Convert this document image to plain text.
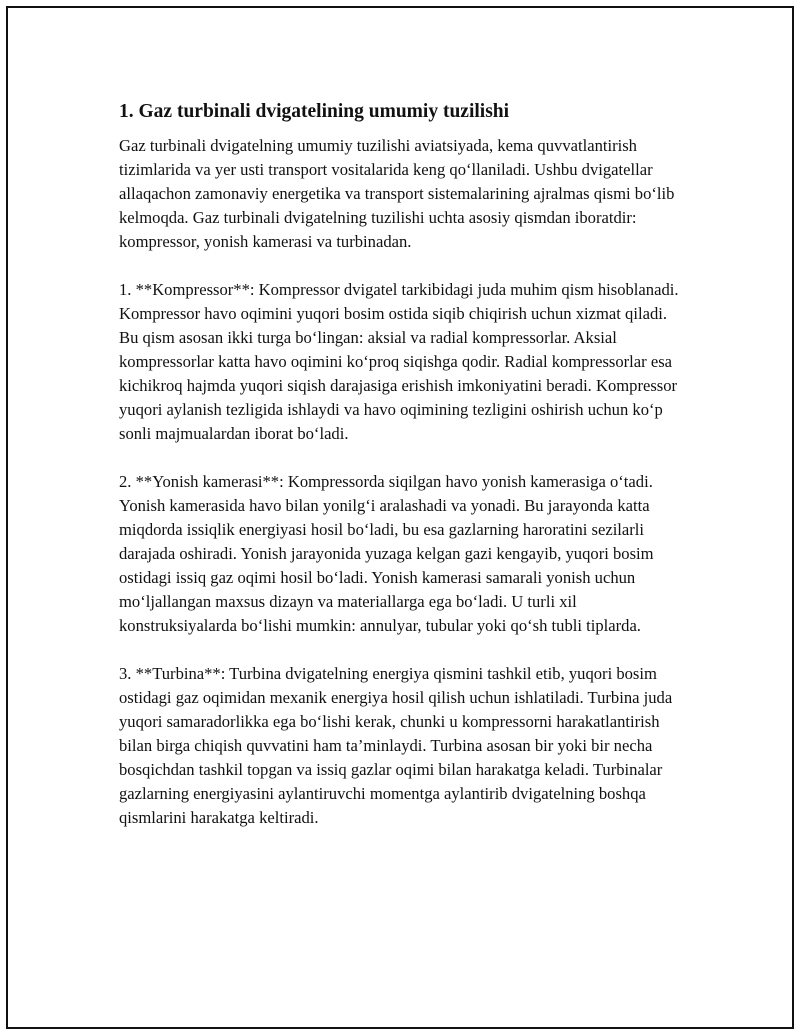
1. Gaz turbinali dvigatelining umumiy tuzilishi

Gaz turbinali dvigatelning umumiy tuzilishi aviatsiyada, kema quvvatlantirish tizimlarida va yer usti transport vositalarida keng qo‘llaniladi. Ushbu dvigatellar allaqachon zamonaviy energetika va transport sistemalarining ajralmas qismi bo‘lib kelmoqda. Gaz turbinali dvigatelning tuzilishi uchta asosiy qismdan iboratdir: kompressor, yonish kamerasi va turbinadan.

1. **Kompressor**: Kompressor dvigatel tarkibidagi juda muhim qism hisoblanadi. Kompressor havo oqimini yuqori bosim ostida siqib chiqirish uchun xizmat qiladi. Bu qism asosan ikki turga bo‘lingan: aksial va radial kompressorlar. Aksial kompressorlar katta havo oqimini ko‘proq siqishga qodir. Radial kompressorlar esa kichikroq hajmda yuqori siqish darajasiga erishish imkoniyatini beradi. Kompressor yuqori aylanish tezligida ishlaydi va havo oqimining tezligini oshirish uchun ko‘p sonli majmualardan iborat bo‘ladi.

2. **Yonish kamerasi**: Kompressorda siqilgan havo yonish kamerasiga o‘tadi. Yonish kamerasida havo bilan yonilg‘i aralashadi va yonadi. Bu jarayonda katta miqdorda issiqlik energiyasi hosil bo‘ladi, bu esa gazlarning haroratini sezilarli darajada oshiradi. Yonish jarayonida yuzaga kelgan gazi kengayib, yuqori bosim ostidagi issiq gaz oqimi hosil bo‘ladi. Yonish kamerasi samarali yonish uchun mo‘ljallangan maxsus dizayn va materiallarga ega bo‘ladi. U turli xil konstruksiyalarda bo‘lishi mumkin: annulyar, tubular yoki qo‘sh tubli tiplarda.

3. **Turbina**: Turbina dvigatelning energiya qismini tashkil etib, yuqori bosim ostidagi gaz oqimidan mexanik energiya hosil qilish uchun ishlatiladi. Turbina juda yuqori samaradorlikka ega bo‘lishi kerak, chunki u kompressorni harakatlantirish bilan birga chiqish quvvatini ham ta’minlaydi. Turbina asosan bir yoki bir necha bosqichdan tashkil topgan va issiq gazlar oqimi bilan harakatga keladi. Turbinalar gazlarning energiyasini aylantiruvchi momentga aylantirib dvigatelning boshqa qismlarini harakatga keltiradi.
